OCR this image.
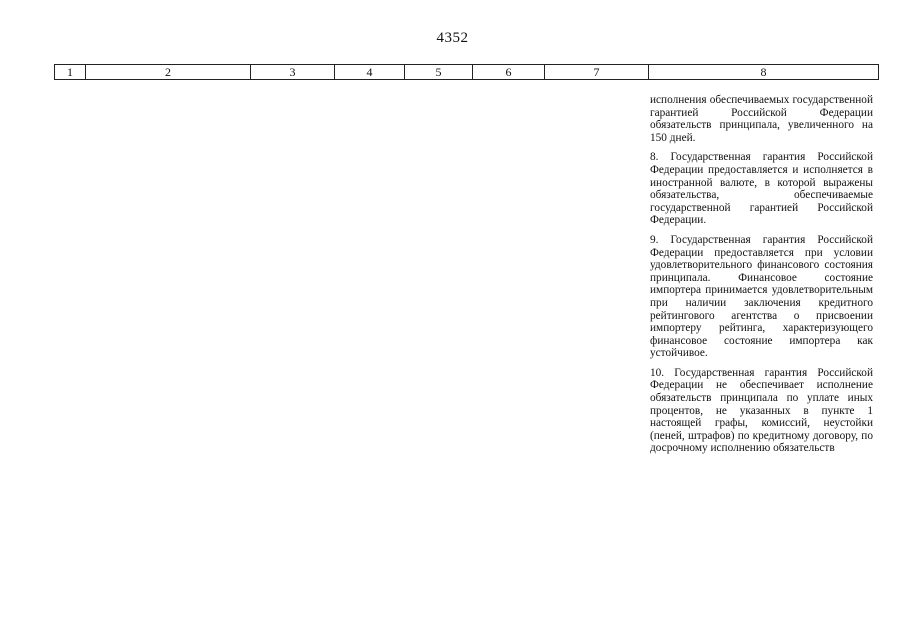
4352
1	2	3	4	5	6	7	8

исполнения обеспечиваемых государственной гарантией Российской Федерации обязательств принципала, увеличенного на 150 дней.

8. Государственная гарантия Российской Федерации предоставляется и исполняется в иностранной валюте, в которой выражены обязательства, обеспечиваемые государственной гарантией Российской Федерации.

9. Государственная гарантия Российской Федерации предоставляется при условии удовлетворительного финансового состояния принципала. Финансовое состояние импортера принимается удовлетворительным при наличии заключения кредитного рейтингового агентства о присвоении импортеру рейтинга, характеризующего финансовое состояние импортера как устойчивое.

10. Государственная гарантия Российской Федерации не обеспечивает исполнение обязательств принципала по уплате иных процентов, не указанных в пункте 1 настоящей графы, комиссий, неустойки (пеней, штрафов) по кредитному договору, по досрочному исполнению обязательств
